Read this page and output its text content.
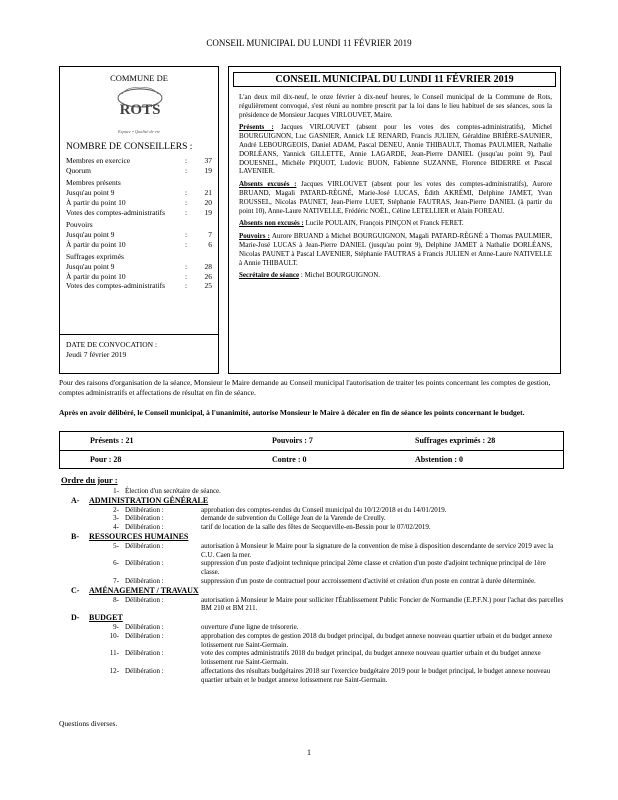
CONSEIL MUNICIPAL DU LUNDI 11 FÉVRIER 2019
COMMUNE DE
ROTS
Espace • Qualité de vie
NOMBRE DE CONSEILLERS :
Membres en exercice	:	37
Quorum	:	19
Membres présents
Jusqu'au point 9	:	21
À partir du point 10	:	20
Votes des comptes-administratifs	:	19
Pouvoirs
Jusqu'au point 9	:	7
À partir du point 10	:	6
Suffrages exprimés
Jusqu'au point 9	:	28
À partir du point 10	:	26
Votes des comptes-administratifs	:	25
DATE DE CONVOCATION :
Jeudi 7 février 2019
CONSEIL MUNICIPAL DU LUNDI 11 FÉVRIER 2019

L'an deux mil dix-neuf, le onze février à dix-neuf heures, le Conseil municipal de la Commune de Rots, régulièrement convoqué, s'est réuni au nombre prescrit par la loi dans le lieu habituel de ses séances, sous la présidence de Monsieur Jacques VIRLOUVET, Maire.

Présents : Jacques VIRLOUVET (absent pour les votes des comptes-administratifs), Michel BOURGUIGNON, Luc GASNIER, Annick LE RENARD, Francis JULIEN, Géraldine BRIÈRE-SAUNIER, André LEBOURGEOIS, Daniel ADAM, Pascal DENEU, Annie THIBAULT, Thomas PAULMIER, Nathalie DORLÉANS, Yannick GILLETTE, Annie LAGARDE, Jean-Pierre DANIEL (jusqu'au point 9), Paul DOUESNEL, Michèle PIQUOT, Ludovic BUON, Fabienne SUZANNE, Florence BIDERRE et Pascal LAVENIER.

Absents excusés : Jacques VIRLOUVET (absent pour les votes des comptes-administratifs), Aurore BRUAND, Magali PATARD-RÈGNÉ, Marie-José LUCAS, Édith AKRÉMI, Delphine JAMET, Yvan ROUSSEL, Nicolas PAUNET, Jean-Pierre LUET, Stéphanie FAUTRAS, Jean-Pierre DANIEL (à partir du point 10), Anne-Laure NATIVELLE, Frédéric NOËL, Céline LETELLIER et Alain FOREAU.

Absents non excusés : Lucile POULAIN, François PINÇON et Franck FERET.

Pouvoirs : Aurore BRUAND à Michel BOURGUIGNON, Magali PATARD-RÈGNÉ à Thomas PAULMIER, Marie-José LUCAS à Jean-Pierre DANIEL (jusqu'au point 9), Delphine JAMET à Nathalie DORLÉANS, Nicolas PAUNET à Pascal LAVENIER, Stéphanie FAUTRAS à Francis JULIEN et Anne-Laure NATIVELLE à Annie THIBAULT.

Secrétaire de séance : Michel BOURGUIGNON.

Pour des raisons d'organisation de la séance, Monsieur le Maire demande au Conseil municipal l'autorisation de traiter les points concernant les comptes de gestion, comptes administratifs et affectations de résultat en fin de séance.
Après en avoir délibéré, le Conseil municipal, à l'unanimité, autorise Monsieur le Maire à décaler en fin de séance les points concernant le budget.
Présents : 21	Pouvoirs : 7	Suffrages exprimés : 28
Pour : 28	Contre : 0	Abstention : 0
Ordre du jour :
1- Élection d'un secrétaire de séance.
A-	ADMINISTRATION GÉNÉRALE
2- Délibération :	approbation des comptes-rendus du Conseil municipal du 10/12/2018 et du 14/01/2019.
3- Délibération :	demande de subvention du Collège Jean de la Varende de Creully.
4- Délibération :	tarif de location de la salle des fêtes de Secqueville-en-Bessin pour le 07/02/2019.
B-	RESSOURCES HUMAINES
5- Délibération :	autorisation à Monsieur le Maire pour la signature de la convention de mise à disposition descendante de service 2019 avec la C.U. Caen la mer.
6- Délibération :	suppression d'un poste d'adjoint technique principal 2ème classe et création d'un poste d'adjoint technique principal de 1ère classe.
7- Délibération :	suppression d'un poste de contractuel pour accroissement d'activité et création d'un poste en contrat à durée déterminée.
C-	AMÉNAGEMENT / TRAVAUX
8- Délibération :	autorisation à Monsieur le Maire pour solliciter l'Établissement Public Foncier de Normandie (E.P.F.N.) pour l'achat des parcelles BM 210 et BM 211.
D-	BUDGET
9- Délibération :	ouverture d'une ligne de trésorerie.
10- Délibération :	approbation des comptes de gestion 2018 du budget principal, du budget annexe nouveau quartier urbain et du budget annexe lotissement rue Saint-Germain.
11- Délibération :	vote des comptes administratifs 2018 du budget principal, du budget annexe nouveau quartier urbain et du budget annexe lotissement rue Saint-Germain.
12- Délibération :	affectations des résultats budgétaires 2018 sur l'exercice budgétaire 2019 pour le budget principal, le budget annexe nouveau quartier urbain et le budget annexe lotissement rue Saint-Germain.
Questions diverses.
1
